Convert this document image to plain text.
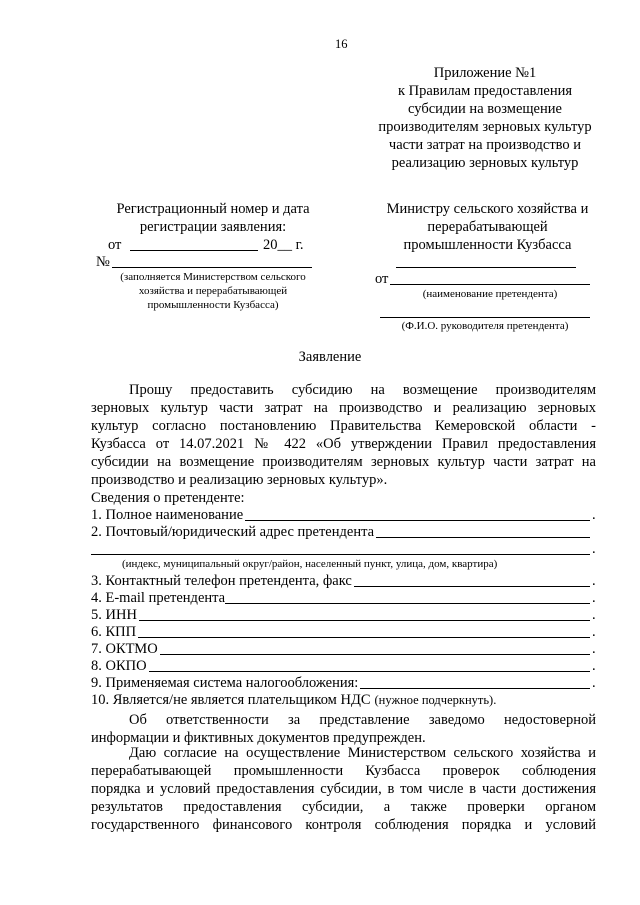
16
Приложение №1
к Правилам предоставления
субсидии на возмещение
производителям зерновых культур
части затрат на производство и
реализацию зерновых культур
Регистрационный номер и дата
регистрации заявления:
от	20__ г.
№
(заполняется Министерством сельского
хозяйства и перерабатывающей
промышленности Кузбасса)
Министру сельского хозяйства и
перерабатывающей
промышленности Кузбасса
от
(наименование претендента)
(Ф.И.О. руководителя претендента)
Заявление
Прошу предоставить субсидию на возмещение производителям
зерновых культур части затрат на производство и реализацию зерновых
культур согласно постановлению Правительства Кемеровской области -
Кузбасса от 14.07.2021 № 422 «Об утверждении Правил предоставления
субсидии на возмещение производителям зерновых культур части затрат на
производство и реализацию зерновых культур».
Сведения о претенденте:
1. Полное наименование	.
2. Почтовый/юридический адрес претендента
.
(индекс, муниципальный округ/район, населенный пункт, улица, дом, квартира)
3. Контактный телефон претендента, факс	.
4. E-mail претендента	.
5. ИНН	.
6. КПП	.
7. ОКТМО	.
8. ОКПО	.
9. Применяемая система налогообложения:	.
10. Является/не является плательщиком НДС (нужное подчеркнуть).
Об ответственности за представление заведомо недостоверной
информации и фиктивных документов предупрежден.
Даю согласие на осуществление Министерством сельского хозяйства и
перерабатывающей промышленности Кузбасса проверок соблюдения
порядка и условий предоставления субсидии, в том числе в части достижения
результатов предоставления субсидии, а также проверки органом
государственного финансового контроля соблюдения порядка и условий
